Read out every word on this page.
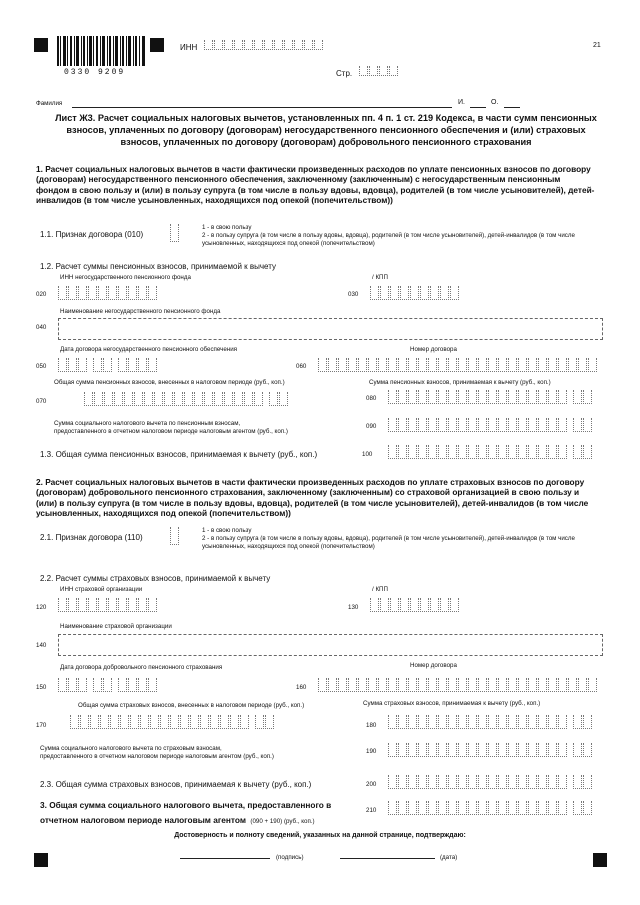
0330 9209
ИНН	21
Стр.
Фамилия	И.	О.
Лист Ж3. Расчет социальных налоговых вычетов, установленных пп. 4 п. 1 ст. 219 Кодекса, в части сумм пенсионных взносов, уплаченных по договору (договорам) негосударственного пенсионного обеспечения и (или) страховых взносов, уплаченных по договору (договорам) добровольного пенсионного страхования
1. Расчет социальных налоговых вычетов в части фактически произведенных расходов по уплате пенсионных взносов по договору (договорам) негосударственного пенсионного обеспечения, заключенному (заключенным) с негосударственным пенсионным фондом в свою пользу и (или) в пользу супруга (в том числе в пользу вдовы, вдовца), родителей (в том числе усыновителей), детей-инвалидов (в том числе усыновленных, находящихся под опекой (попечительством))
1.1. Признак договора (010)
1 - в свою пользу
2 - в пользу супруга (в том числе в пользу вдовы, вдовца), родителей (в том числе усыновителей), детей-инвалидов (в том числе усыновленных, находящихся под опекой (попечительством)
1.2. Расчет суммы пенсионных взносов, принимаемой к вычету
ИНН негосударственного пенсионного фонда	/ КПП
020	030
Наименование негосударственного пенсионного фонда
040
Дата договора негосударственного пенсионного обеспечения	Номер договора
050	060
Общая сумма пенсионных взносов, внесенных в налоговом периоде (руб., коп.)	Сумма пенсионных взносов, принимаемая к вычету (руб., коп.)
070	080
Сумма социального налогового вычета по пенсионным взносам,
предоставленного в отчетном налоговом периоде налоговым агентом (руб., коп.)
090
1.3. Общая сумма пенсионных взносов, принимаемая к вычету (руб., коп.)	100
2. Расчет социальных налоговых вычетов в части фактически произведенных расходов по уплате страховых взносов по договору (договорам) добровольного пенсионного страхования, заключенному (заключенным) со страховой организацией в свою пользу и (или) в пользу супруга (в том числе в пользу вдовы, вдовца), родителей (в том числе усыновителей), детей-инвалидов (в том числе усыновленных, находящихся под опекой (попечительством))
2.1. Признак договора (110)
1 - в свою пользу
2 - в пользу супруга (в том числе в пользу вдовы, вдовца), родителей (в том числе усыновителей), детей-инвалидов (в том числе усыновленных, находящихся под опекой (попечительством)
2.2. Расчет суммы страховых взносов, принимаемой к вычету
ИНН страховой организации	/ КПП
120	130
Наименование страховой организации
140
Дата договора добровольного пенсионного страхования	Номер договора
150	160
Общая сумма страховых взносов, внесенных в налоговом периоде (руб., коп.)	Сумма страховых взносов, принимаемая к вычету (руб., коп.)
170	180
Сумма социального налогового вычета по страховым взносам,
предоставленного в отчетном налоговом периоде налоговым агентом (руб., коп.)
190
2.3. Общая сумма страховых взносов, принимаемая к вычету (руб., коп.)	200
3. Общая сумма социального налогового вычета, предоставленного в
отчетном налоговом периоде налоговым агентом (090 + 190) (руб., коп.)
210
Достоверность и полноту сведений, указанных на данной странице, подтверждаю:
(подпись)	(дата)
